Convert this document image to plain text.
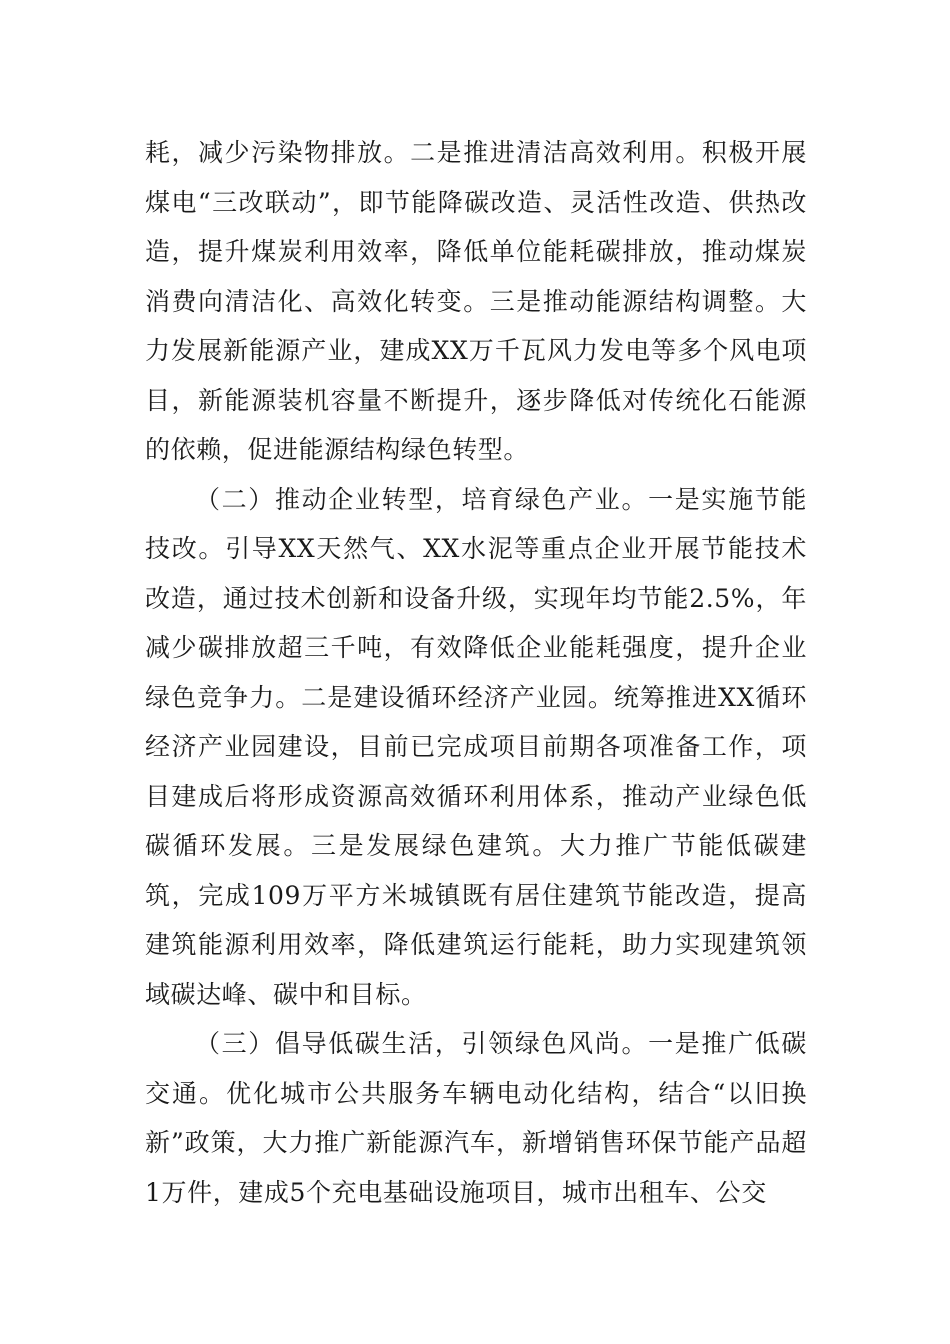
耗，减少污染物排放。二是推进清洁高效利用。积极开展煤电“三改联动”，即节能降碳改造、灵活性改造、供热改造，提升煤炭利用效率，降低单位能耗碳排放，推动煤炭消费向清洁化、高效化转变。三是推动能源结构调整。大力发展新能源产业，建成XX万千瓦风力发电等多个风电项目，新能源装机容量不断提升，逐步降低对传统化石能源的依赖，促进能源结构绿色转型。

（二）推动企业转型，培育绿色产业。一是实施节能技改。引导XX天然气、XX水泥等重点企业开展节能技术改造，通过技术创新和设备升级，实现年均节能2.5%，年减少碳排放超三千吨，有效降低企业能耗强度，提升企业绿色竞争力。二是建设循环经济产业园。统筹推进XX循环经济产业园建设，目前已完成项目前期各项准备工作，项目建成后将形成资源高效循环利用体系，推动产业绿色低碳循环发展。三是发展绿色建筑。大力推广节能低碳建筑，完成109万平方米城镇既有居住建筑节能改造，提高建筑能源利用效率，降低建筑运行能耗，助力实现建筑领域碳达峰、碳中和目标。

（三）倡导低碳生活，引领绿色风尚。一是推广低碳交通。优化城市公共服务车辆电动化结构，结合“以旧换新”政策，大力推广新能源汽车，新增销售环保节能产品超1万件，建成5个充电基础设施项目，城市出租车、公交
